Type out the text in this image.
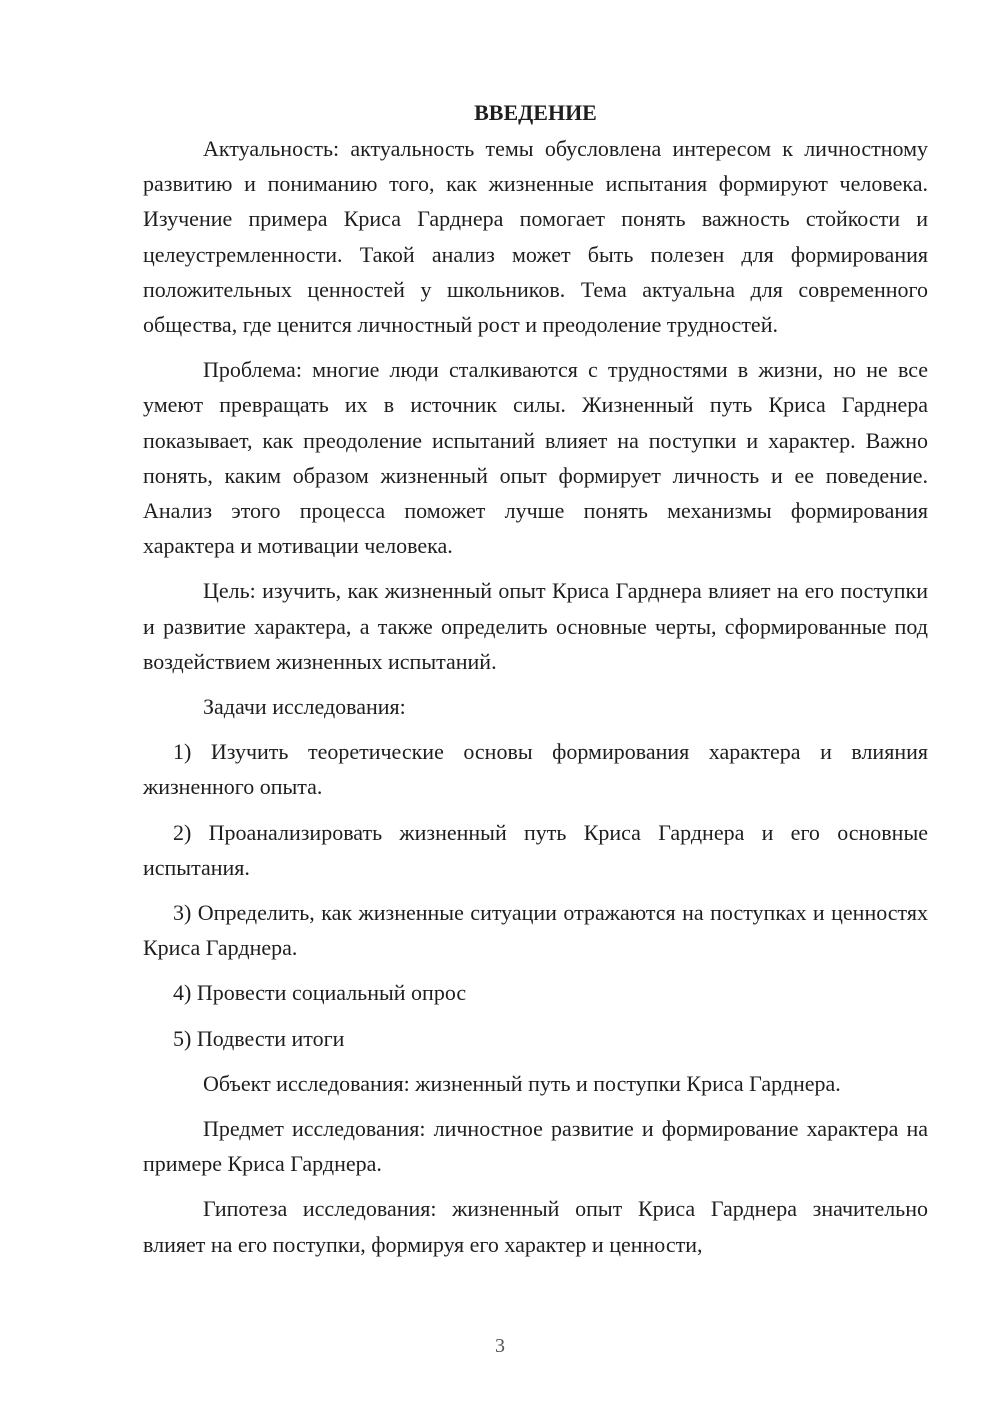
ВВЕДЕНИЕ

Актуальность: актуальность темы обусловлена интересом к личностному развитию и пониманию того, как жизненные испытания формируют человека. Изучение примера Криса Гарднера помогает понять важность стойкости и целеустремленности. Такой анализ может быть полезен для формирования положительных ценностей у школьников. Тема актуальна для современного общества, где ценится личностный рост и преодоление трудностей.

Проблема: многие люди сталкиваются с трудностями в жизни, но не все умеют превращать их в источник силы. Жизненный путь Криса Гарднера показывает, как преодоление испытаний влияет на поступки и характер. Важно понять, каким образом жизненный опыт формирует личность и ее поведение. Анализ этого процесса поможет лучше понять механизмы формирования характера и мотивации человека.

Цель: изучить, как жизненный опыт Криса Гарднера влияет на его поступки и развитие характера, а также определить основные черты, сформированные под воздействием жизненных испытаний.

Задачи исследования:

1) Изучить теоретические основы формирования характера и влияния жизненного опыта.

2) Проанализировать жизненный путь Криса Гарднера и его основные испытания.

3) Определить, как жизненные ситуации отражаются на поступках и ценностях Криса Гарднера.

4) Провести социальный опрос

5) Подвести итоги

Объект исследования: жизненный путь и поступки Криса Гарднера.

Предмет исследования: личностное развитие и формирование характера на примере Криса Гарднера.

Гипотеза исследования: жизненный опыт Криса Гарднера значительно влияет на его поступки, формируя его характер и ценности,

3
